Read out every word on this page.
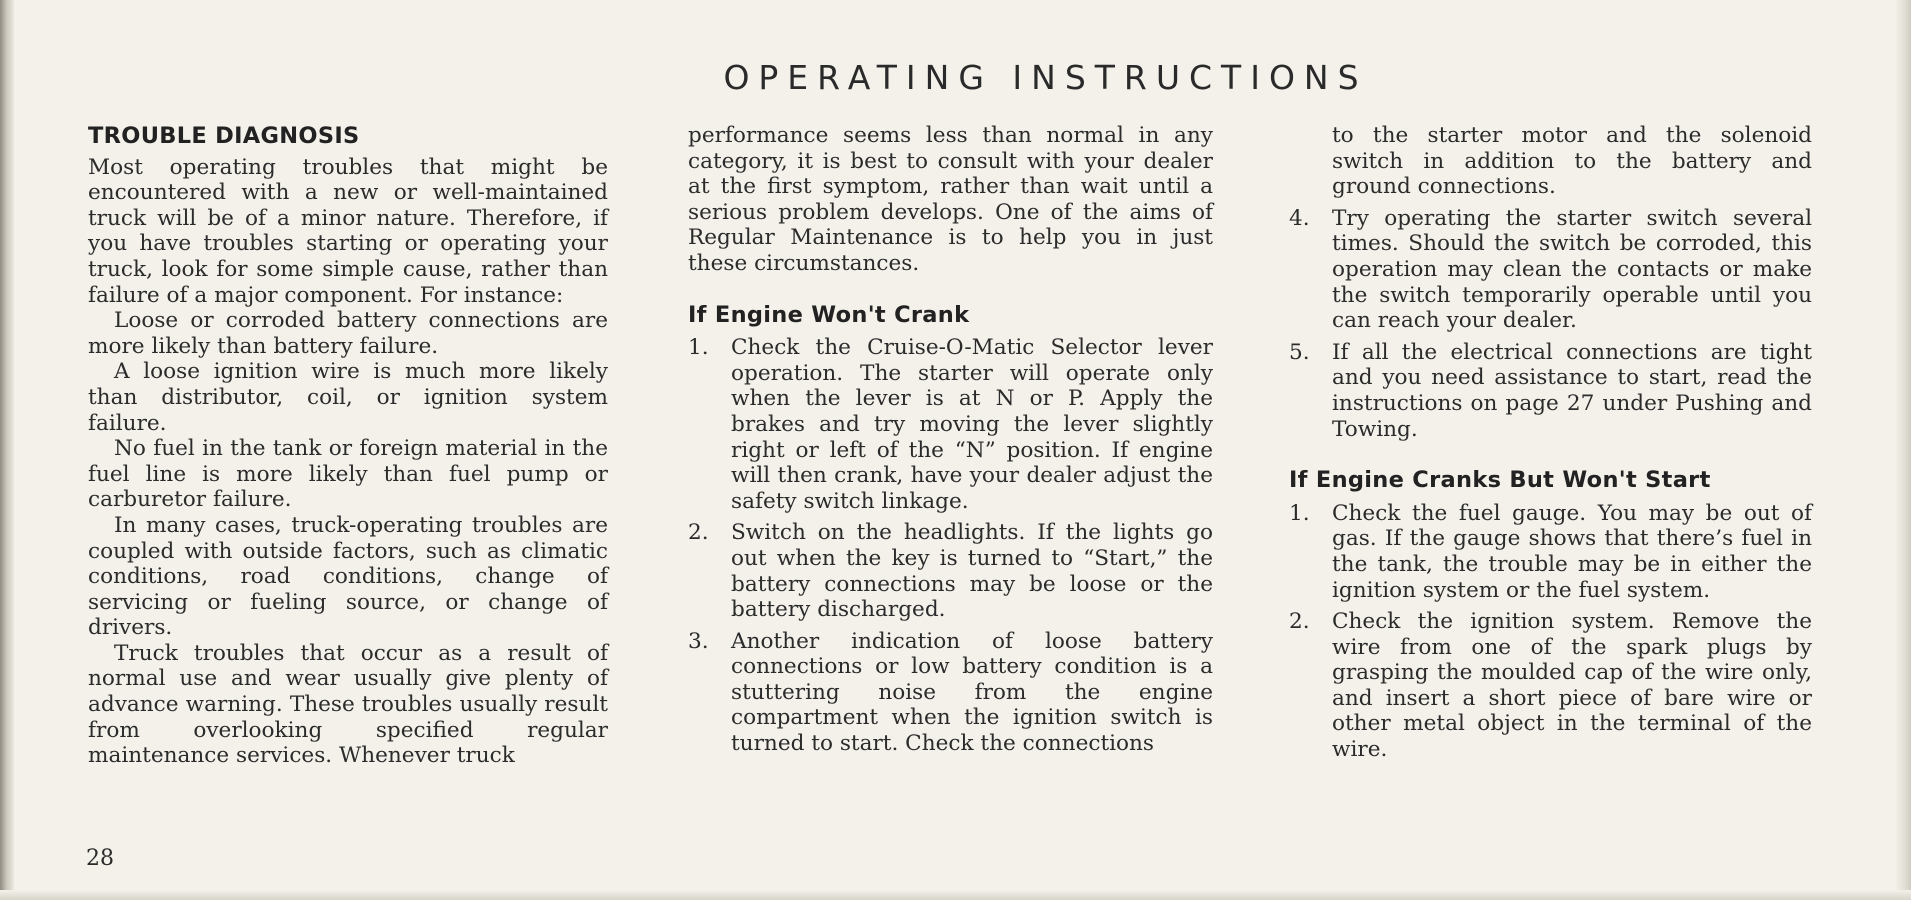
OPERATING INSTRUCTIONS
TROUBLE DIAGNOSIS

Most operating troubles that might be encountered with a new or well-maintained truck will be of a minor nature. Therefore, if you have troubles starting or operating your truck, look for some simple cause, rather than failure of a major component. For instance:

Loose or corroded battery connections are more likely than battery failure.

A loose ignition wire is much more likely than distributor, coil, or ignition system failure.

No fuel in the tank or foreign material in the fuel line is more likely than fuel pump or carburetor failure.

In many cases, truck-operating troubles are coupled with outside factors, such as climatic conditions, road conditions, change of servicing or fueling source, or change of drivers.

Truck troubles that occur as a result of normal use and wear usually give plenty of advance warning. These troubles usually result from overlooking specified regular maintenance services. Whenever truck

performance seems less than normal in any category, it is best to consult with your dealer at the first symptom, rather than wait until a serious problem develops. One of the aims of Regular Maintenance is to help you in just these circumstances.

If Engine Won't Crank
1. Check the Cruise-O-Matic Selector lever operation. The starter will operate only when the lever is at N or P. Apply the brakes and try moving the lever slightly right or left of the “N” position. If engine will then crank, have your dealer adjust the safety switch linkage.
2. Switch on the headlights. If the lights go out when the key is turned to “Start,” the battery connections may be loose or the battery discharged.
3. Another indication of loose battery connections or low battery condition is a stuttering noise from the engine compartment when the ignition switch is turned to start. Check the connections

to the starter motor and the solenoid switch in addition to the battery and ground connections.

4. Try operating the starter switch several times. Should the switch be corroded, this operation may clean the contacts or make the switch temporarily operable until you can reach your dealer.
5. If all the electrical connections are tight and you need assistance to start, read the instructions on page 27 under Pushing and Towing.
If Engine Cranks But Won't Start
1. Check the fuel gauge. You may be out of gas. If the gauge shows that there’s fuel in the tank, the trouble may be in either the ignition system or the fuel system.
2. Check the ignition system. Remove the wire from one of the spark plugs by grasping the moulded cap of the wire only, and insert a short piece of bare wire or other metal object in the terminal of the wire.
28
